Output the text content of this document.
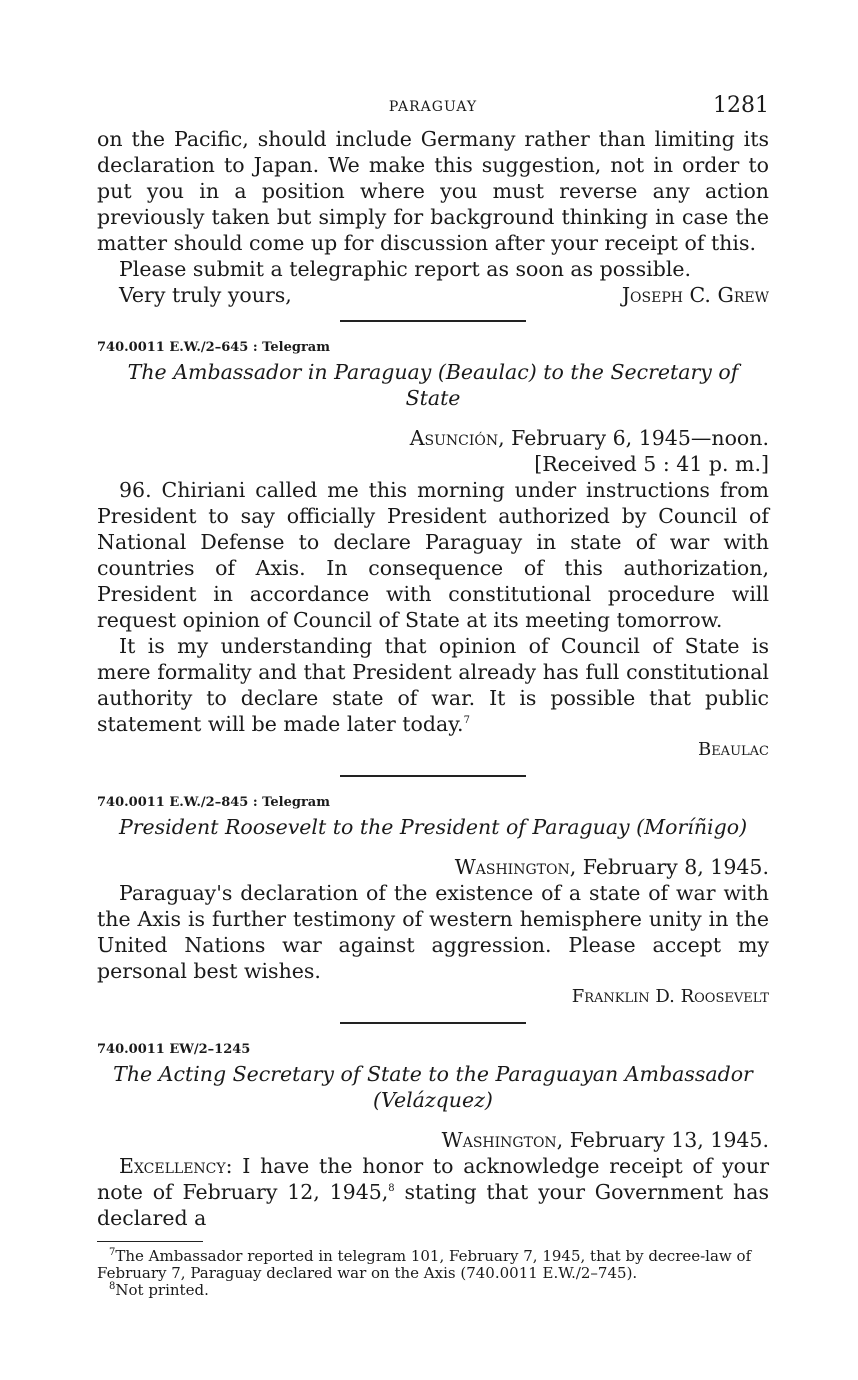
PARAGUAY	1281

on the Pacific, should include Germany rather than limiting its declaration to Japan. We make this suggestion, not in order to put you in a position where you must reverse any action previously taken but simply for background thinking in case the matter should come up for discussion after your receipt of this.

Please submit a telegraphic report as soon as possible.

Very truly yours,	Joseph C. Grew
740.0011 E.W./2–645 : Telegram
The Ambassador in Paraguay (Beaulac) to the Secretary of State
Asunción, February 6, 1945—noon.
[Received 5 : 41 p. m.]

96. Chiriani called me this morning under instructions from President to say officially President authorized by Council of National Defense to declare Paraguay in state of war with countries of Axis. In consequence of this authorization, President in accordance with constitutional procedure will request opinion of Council of State at its meeting tomorrow.

It is my understanding that opinion of Council of State is mere formality and that President already has full constitutional authority to declare state of war. It is possible that public statement will be made later today.$^7$

Beaulac
740.0011 E.W./2–845 : Telegram
President Roosevelt to the President of Paraguay (Moríñigo)
Washington, February 8, 1945.

Paraguay's declaration of the existence of a state of war with the Axis is further testimony of western hemisphere unity in the United Nations war against aggression. Please accept my personal best wishes.

Franklin D. Roosevelt
740.0011 EW/2–1245
The Acting Secretary of State to the Paraguayan Ambassador (Velázquez)
Washington, February 13, 1945.

Excellency: I have the honor to acknowledge receipt of your note of February 12, 1945,$^8$ stating that your Government has declared a

$^7$The Ambassador reported in telegram 101, February 7, 1945, that by decree-law of February 7, Paraguay declared war on the Axis (740.0011 E.W./2–745).

$^8$Not printed.
